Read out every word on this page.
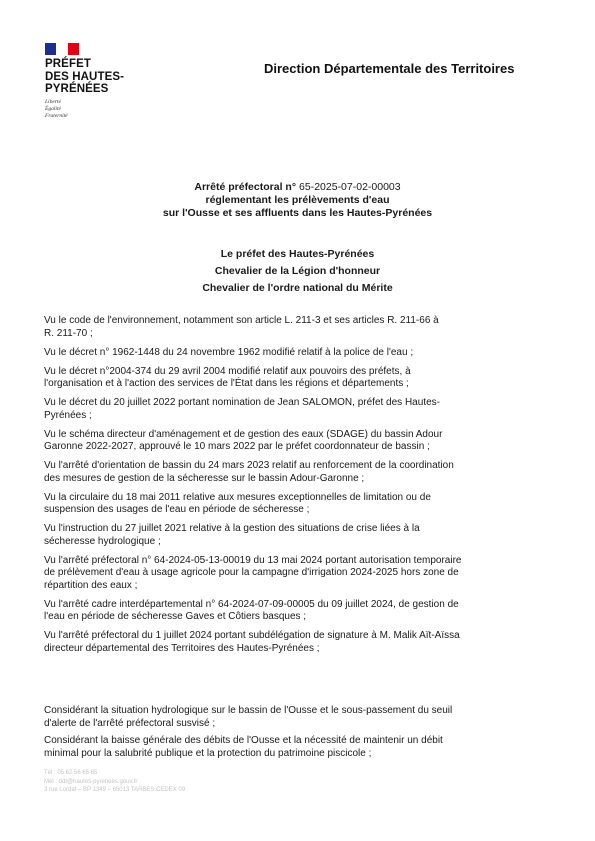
PRÉFET
DES HAUTES-
PYRÉNÉES
Liberté
Égalité
Fraternité
Direction Départementale des Territoires
Arrêté préfectoral n° 65-2025-07-02-00003
réglementant les prélèvements d'eau
sur l'Ousse et ses affluents dans les Hautes-Pyrénées
Le préfet des Hautes-Pyrénées
Chevalier de la Légion d'honneur
Chevalier de l'ordre national du Mérite
Vu le code de l'environnement, notamment son article L. 211-3 et ses articles R. 211-66 à
R. 211-70 ;
Vu le décret n° 1962-1448 du 24 novembre 1962 modifié relatif à la police de l'eau ;
Vu le décret n°2004-374 du 29 avril 2004 modifié relatif aux pouvoirs des préfets, à
l'organisation et à l'action des services de l'État dans les régions et départements ;
Vu le décret du 20 juillet 2022 portant nomination de Jean SALOMON, préfet des Hautes-
Pyrénées ;
Vu le schéma directeur d'aménagement et de gestion des eaux (SDAGE) du bassin Adour
Garonne 2022-2027, approuvé le 10 mars 2022 par le préfet coordonnateur de bassin ;
Vu l'arrêté d'orientation de bassin du 24 mars 2023 relatif au renforcement de la coordination
des mesures de gestion de la sécheresse sur le bassin Adour-Garonne ;
Vu la circulaire du 18 mai 2011 relative aux mesures exceptionnelles de limitation ou de
suspension des usages de l'eau en période de sécheresse ;
Vu l'instruction du 27 juillet 2021 relative à la gestion des situations de crise liées à la
sécheresse hydrologique ;
Vu l'arrêté préfectoral n° 64-2024-05-13-00019 du 13 mai 2024 portant autorisation temporaire
de prélèvement d'eau à usage agricole pour la campagne d'irrigation 2024-2025 hors zone de
répartition des eaux ;
Vu l'arrêté cadre interdépartemental n° 64-2024-07-09-00005 du 09 juillet 2024, de gestion de
l'eau en période de sécheresse Gaves et Côtiers basques ;
Vu l'arrêté préfectoral du 1 juillet 2024 portant subdélégation de signature à M. Malik Aït-Aïssa
directeur départemental des Territoires des Hautes-Pyrénées ;
Considérant la situation hydrologique sur le bassin de l'Ousse et le sous-passement du seuil
d'alerte de l'arrêté préfectoral susvisé ;
Considérant la baisse générale des débits de l'Ousse et la nécessité de maintenir un débit
minimal pour la salubrité publique et la protection du patrimoine piscicole ;
Tél : 05 62 56 65 65
Mél : ddt@hautes-pyrenees.gouv.fr
3 rue Lordat – BP 1349 – 65013 TARBES CEDEX 09
